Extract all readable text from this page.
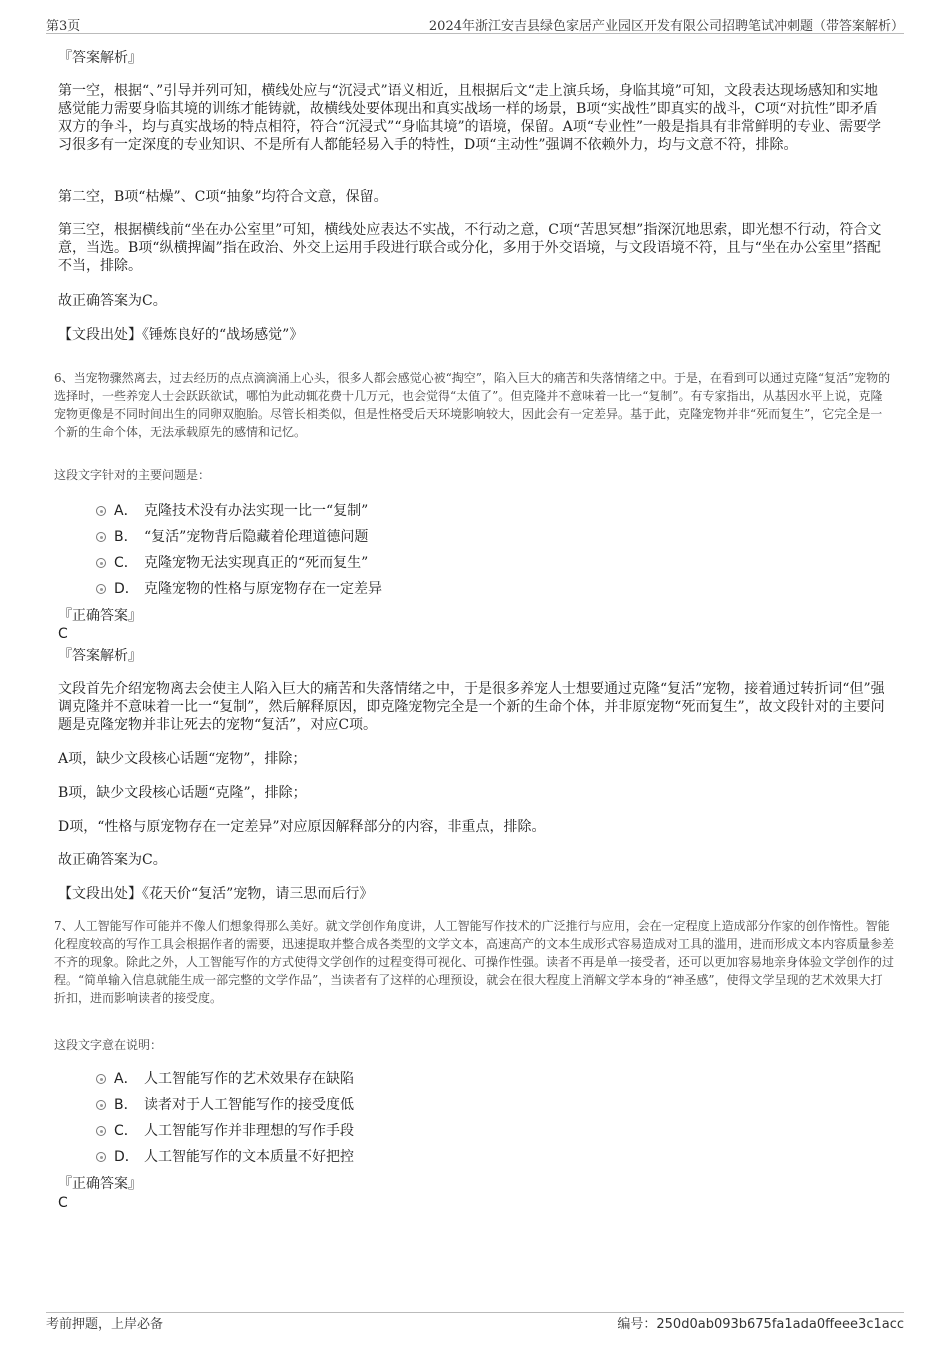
第3页	2024年浙江安吉县绿色家居产业园区开发有限公司招聘笔试冲刺题（带答案解析）
『答案解析』
第一空，根据“、”引导并列可知，横线处应与“沉浸式”语义相近，且根据后文“走上演兵场，身临其境”可知，文段表达现场感知和实地感觉能力需要身临其境的训练才能铸就，故横线处要体现出和真实战场一样的场景，B项“实战性”即真实的战斗，C项“对抗性”即矛盾双方的争斗，均与真实战场的特点相符，符合“沉浸式”“身临其境”的语境，保留。A项“专业性”一般是指具有非常鲜明的专业、需要学习很多有一定深度的专业知识、不是所有人都能轻易入手的特性，D项“主动性”强调不依赖外力，均与文意不符，排除。
第二空，B项“枯燥”、C项“抽象”均符合文意，保留。
第三空，根据横线前“坐在办公室里”可知，横线处应表达不实战，不行动之意，C项“苦思冥想”指深沉地思索，即光想不行动，符合文意，当选。B项“纵横捭阖”指在政治、外交上运用手段进行联合或分化，多用于外交语境，与文段语境不符，且与“坐在办公室里”搭配不当，排除。
故正确答案为C。
【文段出处】《锤炼良好的“战场感觉”》
6、当宠物骤然离去，过去经历的点点滴滴涌上心头，很多人都会感觉心被“掏空”，陷入巨大的痛苦和失落情绪之中。于是，在看到可以通过克隆“复活”宠物的选择时，一些养宠人士会跃跃欲试，哪怕为此动辄花费十几万元，也会觉得“太值了”。但克隆并不意味着一比一“复制”。有专家指出，从基因水平上说，克隆宠物更像是不同时间出生的同卵双胞胎。尽管长相类似，但是性格受后天环境影响较大，因此会有一定差异。基于此，克隆宠物并非“死而复生”，它完全是一个新的生命个体，无法承载原先的感情和记忆。
这段文字针对的主要问题是：
A． 克隆技术没有办法实现一比一“复制”
B． “复活”宠物背后隐藏着伦理道德问题
C． 克隆宠物无法实现真正的“死而复生”
D． 克隆宠物的性格与原宠物存在一定差异
『正确答案』
C
『答案解析』
文段首先介绍宠物离去会使主人陷入巨大的痛苦和失落情绪之中，于是很多养宠人士想要通过克隆“复活”宠物，接着通过转折词“但”强调克隆并不意味着一比一“复制”，然后解释原因，即克隆宠物完全是一个新的生命个体，并非原宠物“死而复生”，故文段针对的主要问题是克隆宠物并非让死去的宠物“复活”，对应C项。
A项，缺少文段核心话题“宠物”，排除；
B项，缺少文段核心话题“克隆”，排除；
D项，“性格与原宠物存在一定差异”对应原因解释部分的内容，非重点，排除。
故正确答案为C。
【文段出处】《花天价“复活”宠物，请三思而后行》
7、人工智能写作可能并不像人们想象得那么美好。就文学创作角度讲，人工智能写作技术的广泛推行与应用，会在一定程度上造成部分作家的创作惰性。智能化程度较高的写作工具会根据作者的需要，迅速提取并整合成各类型的文学文本，高速高产的文本生成形式容易造成对工具的滥用，进而形成文本内容质量参差不齐的现象。除此之外，人工智能写作的方式使得文学创作的过程变得可视化、可操作性强。读者不再是单一接受者，还可以更加容易地亲身体验文学创作的过程。“简单输入信息就能生成一部完整的文学作品”，当读者有了这样的心理预设，就会在很大程度上消解文学本身的“神圣感”，使得文学呈现的艺术效果大打折扣，进而影响读者的接受度。
这段文字意在说明：
A． 人工智能写作的艺术效果存在缺陷
B． 读者对于人工智能写作的接受度低
C． 人工智能写作并非理想的写作手段
D． 人工智能写作的文本质量不好把控
『正确答案』
C
考前押题，上岸必备	编号：250d0ab093b675fa1ada0ffeee3c1acc
